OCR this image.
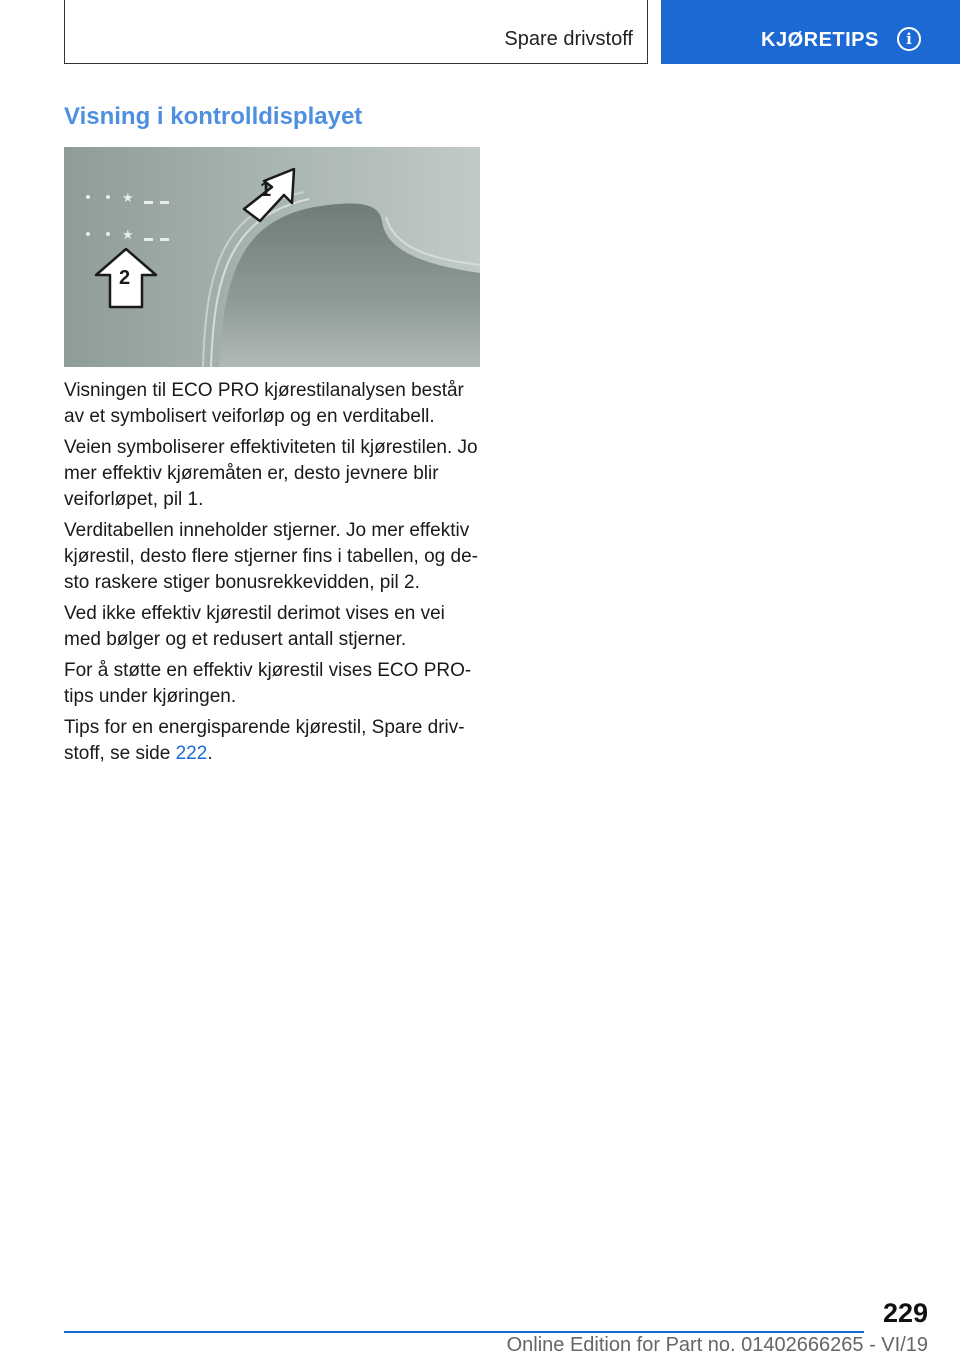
Spare drivstoff	KJØRETIPS	i
Visning i kontrolldisplayet
★
★
1
2

Visningen til ECO PRO kjørestilanalysen består av et symbolisert veiforløp og en verditabell.

Veien symboliserer effektiviteten til kjørestilen. Jo mer effektiv kjøremåten er, desto jevnere blir veiforløpet, pil 1.

Verditabellen inneholder stjerner. Jo mer effektiv kjørestil, desto flere stjerner fins i tabellen, og de‐ sto raskere stiger bonusrekkevidden, pil 2.

Ved ikke effektiv kjørestil derimot vises en vei med bølger og et redusert antall stjerner.

For å støtte en effektiv kjørestil vises ECO PRO- tips under kjøringen.

Tips for en energisparende kjørestil, Spare driv‐ stoff, se side 222.

229
Online Edition for Part no. 01402666265 - VI/19
